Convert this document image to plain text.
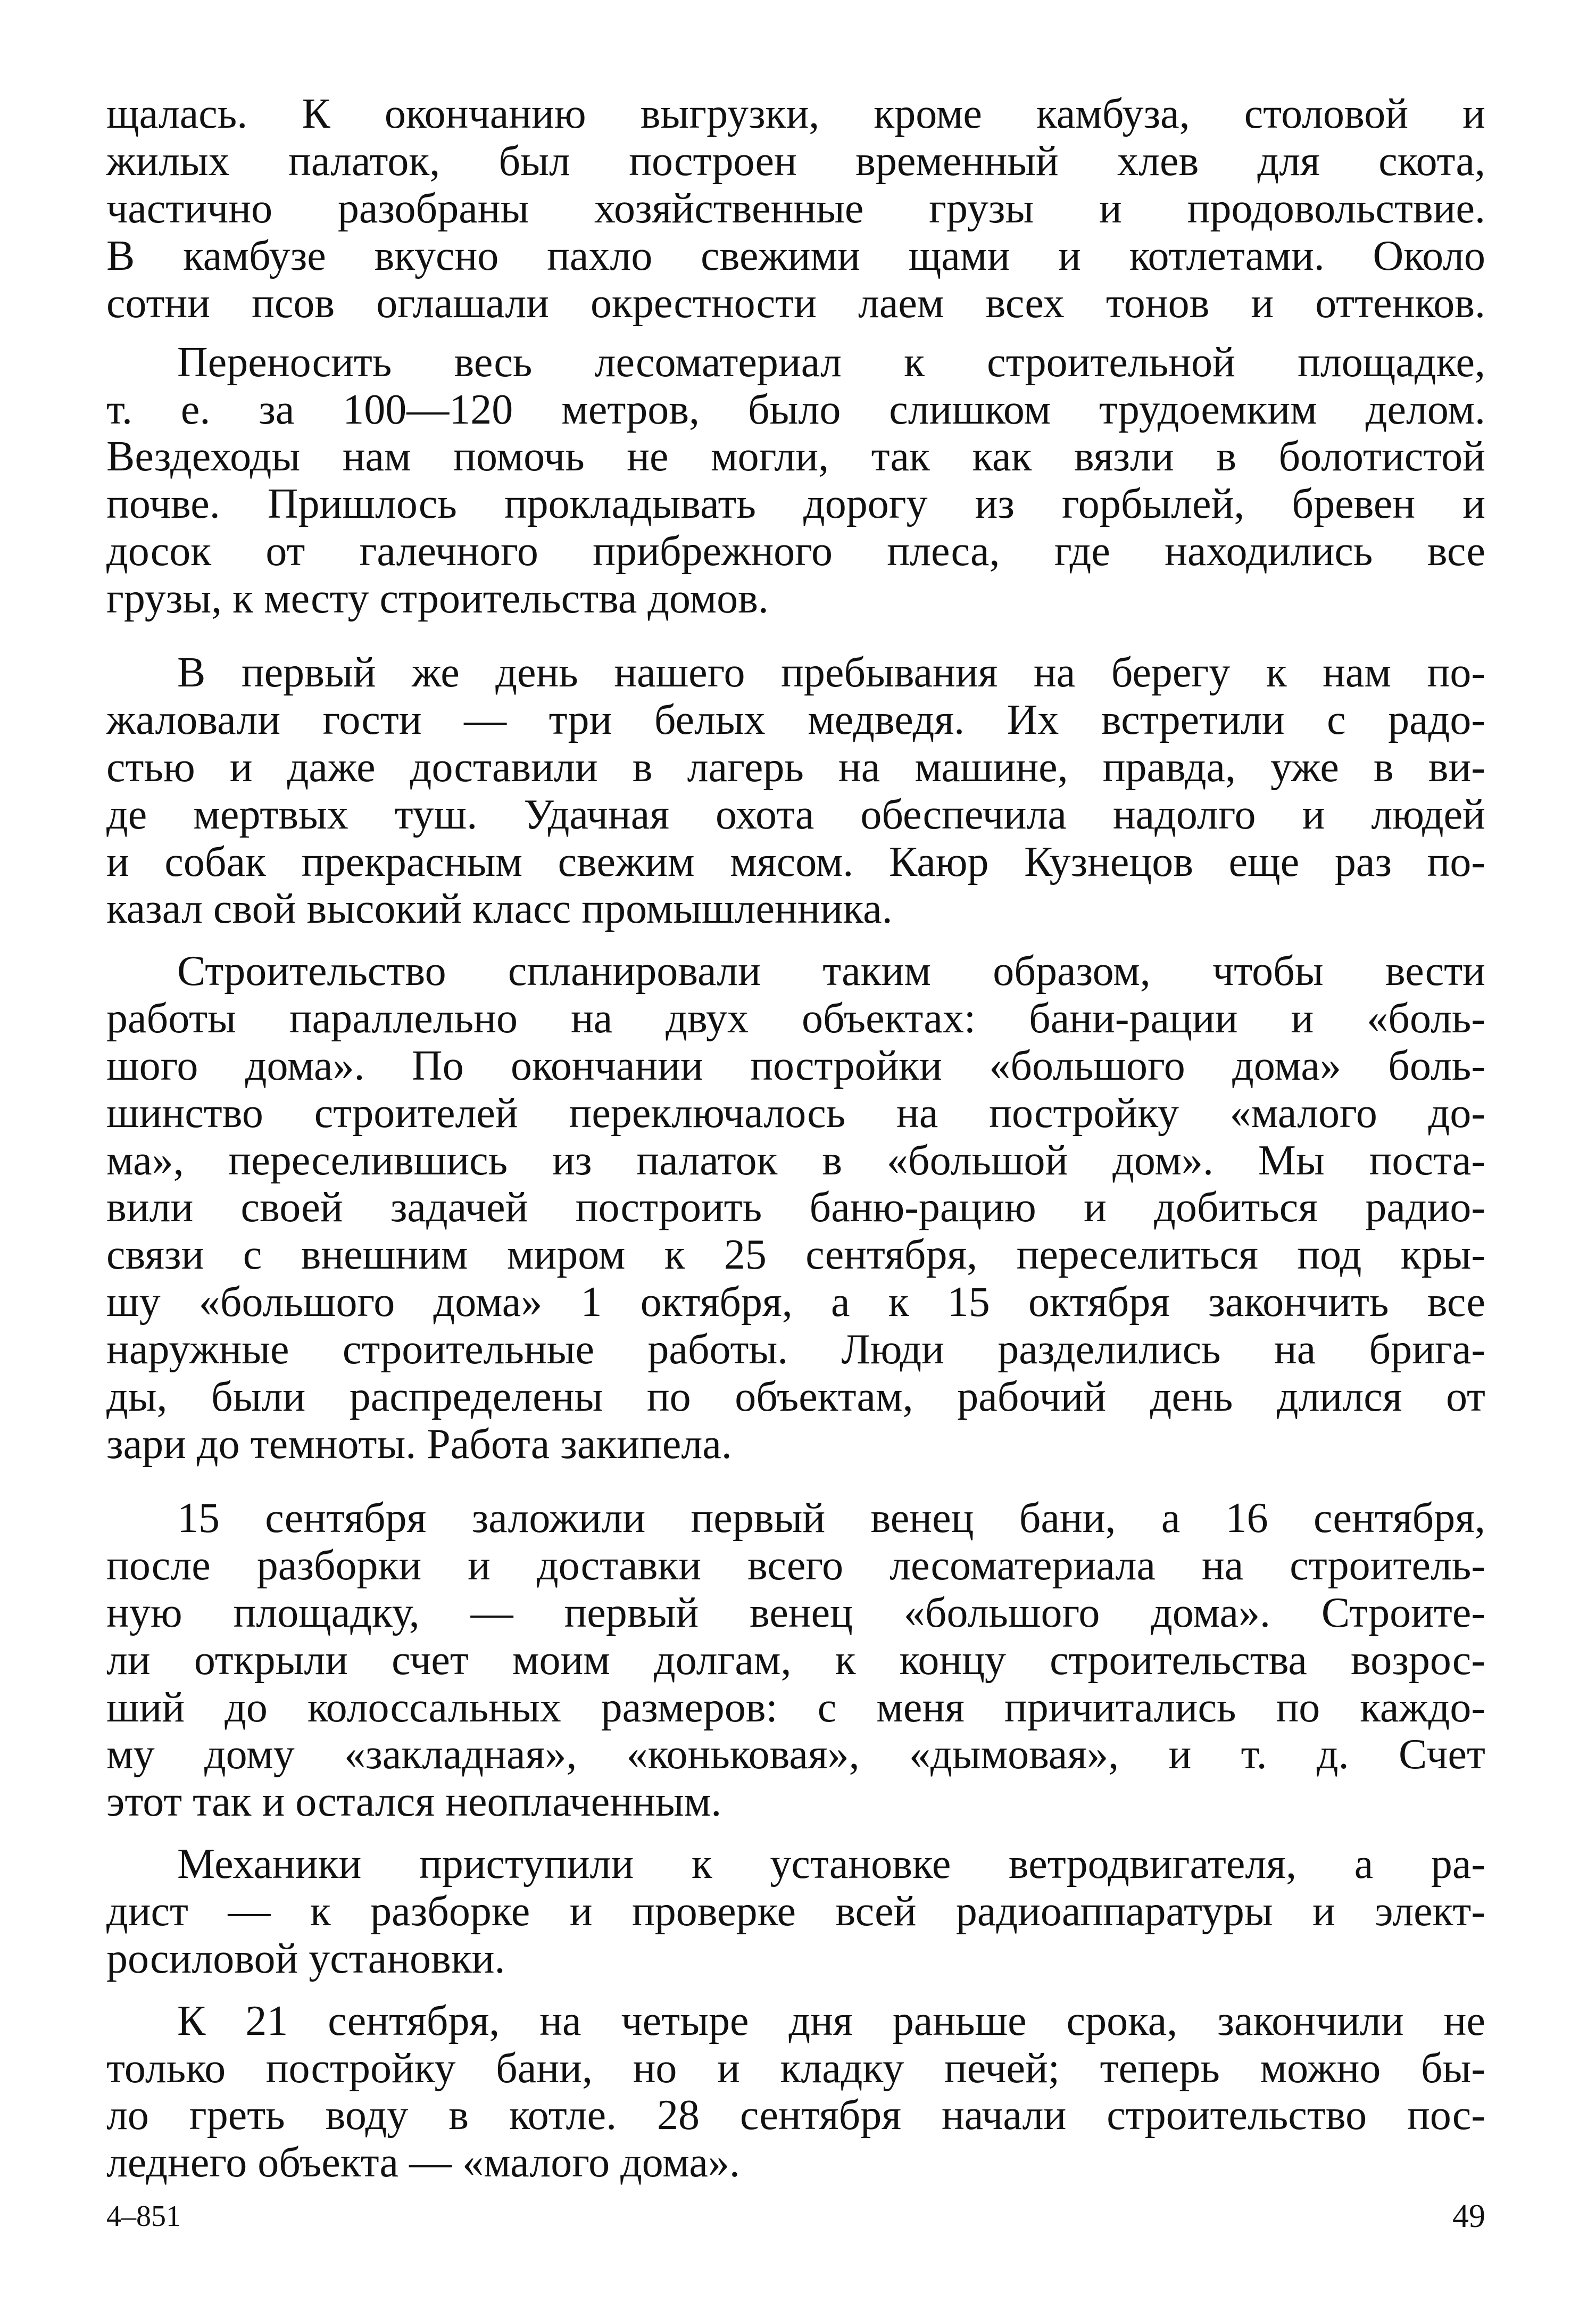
щалась. К окончанию выгрузки, кроме камбуза, столовой и
жилых палаток, был построен временный хлев для скота,
частично разобраны хозяйственные грузы и продовольствие.
В камбузе вкусно пахло свежими щами и котлетами. Около
сотни псов оглашали окрестности лаем всех тонов и оттенков.
Переносить весь лесоматериал к строительной площадке,
т. е. за 100—120 метров, было слишком трудоемким делом.
Вездеходы нам помочь не могли, так как вязли в болотистой
почве. Пришлось прокладывать дорогу из горбылей, бревен и
досок от галечного прибрежного плеса, где находились все
грузы, к месту строительства домов.
В первый же день нашего пребывания на берегу к нам по-
жаловали гости — три белых медведя. Их встретили с радо-
стью и даже доставили в лагерь на машине, правда, уже в ви-
де мертвых туш. Удачная охота обеспечила надолго и людей
и собак прекрасным свежим мясом. Каюр Кузнецов еще раз по-
казал свой высокий класс промышленника.
Строительство спланировали таким образом, чтобы вести
работы параллельно на двух объектах: бани-рации и «боль-
шого дома». По окончании постройки «большого дома» боль-
шинство строителей переключалось на постройку «малого до-
ма», переселившись из палаток в «большой дом». Мы поста-
вили своей задачей построить баню-рацию и добиться радио-
связи с внешним миром к 25 сентября, переселиться под кры-
шу «большого дома» 1 октября, а к 15 октября закончить все
наружные строительные работы. Люди разделились на брига-
ды, были распределены по объектам, рабочий день длился от
зари до темноты. Работа закипела.
15 сентября заложили первый венец бани, а 16 сентября,
после разборки и доставки всего лесоматериала на строитель-
ную площадку, — первый венец «большого дома». Строите-
ли открыли счет моим долгам, к концу строительства возрос-
ший до колоссальных размеров: с меня причитались по каждо-
му дому «закладная», «коньковая», «дымовая», и т. д. Счет
этот так и остался неоплаченным.
Механики приступили к установке ветродвигателя, а ра-
дист — к разборке и проверке всей радиоаппаратуры и элект-
росиловой установки.
К 21 сентября, на четыре дня раньше срока, закончили не
только постройку бани, но и кладку печей; теперь можно бы-
ло греть воду в котле. 28 сентября начали строительство пос-
леднего объекта — «малого дома».
4–851	49
